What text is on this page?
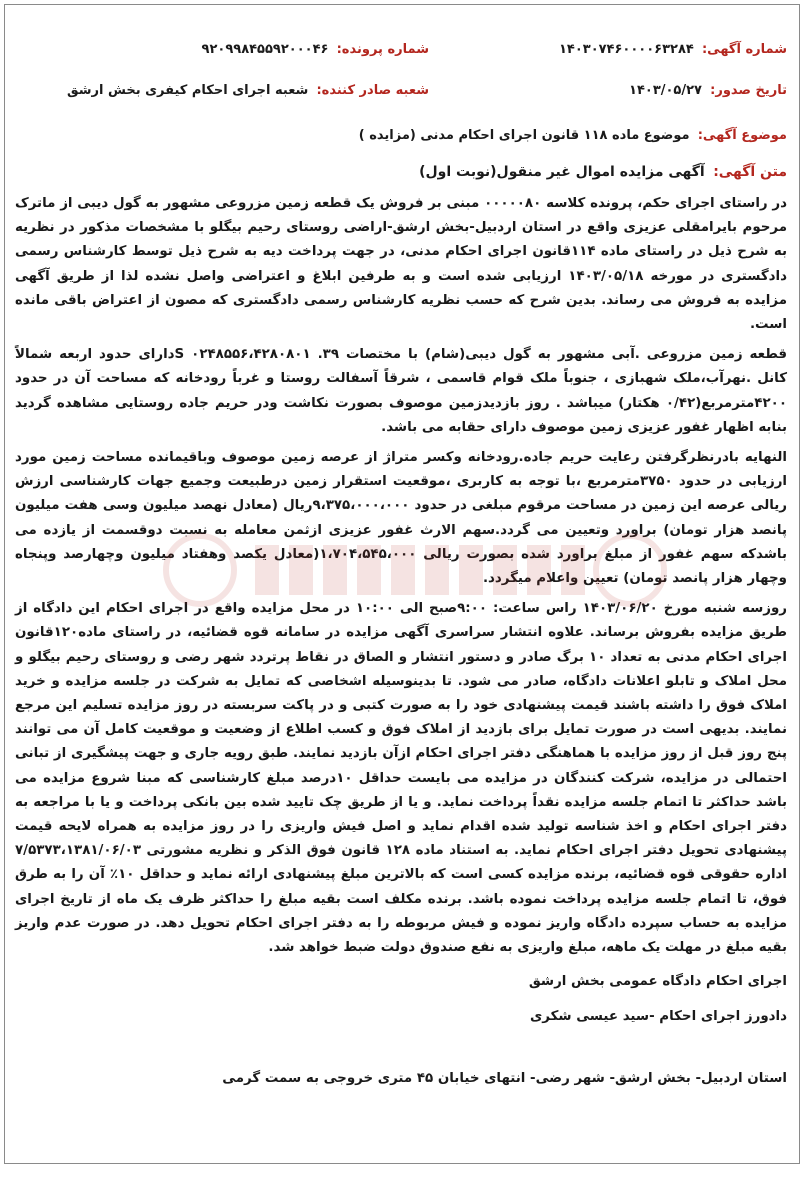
شماره آگهی: ۱۴۰۳۰۷۴۶۰۰۰۰۶۳۲۸۴
شماره پرونده: ۹۲۰۹۹۸۴۵۵۹۲۰۰۰۴۶
تاریخ صدور: ۱۴۰۳/۰۵/۲۷
شعبه صادر کننده: شعبه اجرای احکام کیفری بخش ارشق
موضوع آگهی: موضوع ماده ۱۱۸ قانون اجرای احکام مدنی (مزایده )
متن آگهی: آگهی مزایده اموال غیر منقول(نوبت اول)

در راستای اجرای حکم، پرونده کلاسه ۰۰۰۰۰۸۰ مبنی بر فروش یک قطعه زمین مزروعی مشهور به گول دیبی از ماترک مرحوم بایرامقلی عزیزی واقع در استان اردبیل-بخش ارشق-اراضی روستای رحیم بیگلو با مشخصات مذکور در نظریه به شرح ذیل در راستای ماده ۱۱۴قانون اجرای احکام مدنی، در جهت پرداخت دیه به شرح ذیل توسط کارشناس رسمی دادگستری در مورخه ۱۴۰۳/۰۵/۱۸ ارزیابی شده است و به طرفین ابلاغ و اعتراضی واصل نشده لذا از طریق آگهی مزایده به فروش می رساند. بدین شرح که حسب نظریه کارشناس رسمی دادگستری که مصون از اعتراض باقی مانده است.

قطعه زمین مزروعی .آبی مشهور به گول دیبی(شام) با مختصات ۳۹. ۰۲۴۸۵۵۶،۴۲۸۰۸۰۱ Sدارای حدود اربعه شمالاً کانل .نهرآب،ملک شهبازی ، جنوباً ملک قوام قاسمی ، شرقاً آسفالت روستا و غرباً رودخانه که مساحت آن در حدود ۴۲۰۰مترمربع(۰/۴۲ هکتار) میباشد . روز بازدیدزمین موصوف بصورت نکاشت ودر حریم جاده روستایی مشاهده گردید بنابه اظهار غفور عزیزی زمین موصوف دارای حقابه می باشد.

النهایه بادرنظرگرفتن رعایت حریم جاده.رودخانه وکسر متراژ از عرصه زمین موصوف وباقیمانده مساحت زمین مورد ارزیابی در حدود ۳۷۵۰مترمربع ،با توجه به کاربری ،موقعیت استقرار زمین درطبیعت وجمیع جهات کارشناسی ارزش ریالی عرصه این زمین در مساحت مرقوم مبلغی در حدود ۹،۳۷۵،۰۰۰،۰۰۰ریال (معادل نهصد میلیون وسی هفت میلیون پانصد هزار تومان) براورد وتعیین می گردد.سهم الارث غفور عزیزی ازثمن معامله به نسبت دوقسمت از یازده می باشدکه سهم غفور از مبلغ براورد شده بصورت ریالی ۱،۷۰۴،۵۴۵،۰۰۰(معادل یکصد وهفتاد میلیون وچهارصد وپنجاه وچهار هزار پانصد تومان) تعیین واعلام میگردد.

روزسه شنبه مورخ ۱۴۰۳/۰۶/۲۰ راس ساعت: ۹:۰۰صبح الی ۱۰:۰۰ در محل مزایده واقع در اجرای احکام این دادگاه از طریق مزایده بفروش برساند. علاوه انتشار سراسری آگهی مزایده در سامانه قوه قضائیه، در راستای ماده۱۲۰قانون اجرای احکام مدنی به تعداد ۱۰ برگ صادر و دستور انتشار و الصاق در نقاط پرتردد شهر رضی و روستای رحیم بیگلو و محل املاک و تابلو اعلانات دادگاه، صادر می شود. تا بدینوسیله اشخاصی که تمایل به شرکت در جلسه مزایده و خرید املاک فوق را داشته باشند قیمت پیشنهادی خود را به صورت کتبی و در پاکت سربسته در روز مزایده تسلیم این مرجع نمایند. بدیهی است در صورت تمایل برای بازدید از املاک فوق و کسب اطلاع از وضعیت و موقعیت کامل آن می توانند پنج روز قبل از روز مزایده با هماهنگی دفتر اجرای احکام ازآن بازدید نمایند. طبق رویه جاری و جهت پیشگیری از تبانی احتمالی در مزایده، شرکت کنندگان در مزایده می بایست حداقل ۱۰درصد مبلغ کارشناسی که مبنا شروع مزایده می باشد حداکثر تا اتمام جلسه مزایده نقداً پرداخت نماید. و یا از طریق چک تایید شده بین بانکی پرداخت و یا با مراجعه به دفتر اجرای احکام و اخذ شناسه تولید شده اقدام نماید و اصل فیش واریزی را در روز مزایده به همراه لایحه قیمت پیشنهادی تحویل دفتر اجرای احکام نماید. به استناد ماده ۱۲۸ قانون فوق الذکر و نظریه مشورتی ۷/۵۳۷۳،۱۳۸۱/۰۶/۰۳ اداره حقوقی قوه قضائیه، برنده مزایده کسی است که بالاترین مبلغ پیشنهادی ارائه نماید و حداقل ۱۰٪ آن را به طرق فوق، تا اتمام جلسه مزایده پرداخت نموده باشد. برنده مکلف است بقیه مبلغ را حداکثر ظرف یک ماه از تاریخ اجرای مزایده به حساب سپرده دادگاه واریز نموده و فیش مربوطه را به دفتر اجرای احکام تحویل دهد. در صورت عدم واریز بقیه مبلغ در مهلت یک ماهه، مبلغ واریزی به نفع صندوق دولت ضبط خواهد شد.

اجرای احکام دادگاه عمومی بخش ارشق

دادورز اجرای احکام -سید عیسی شکری

استان اردبیل- بخش ارشق- شهر رضی- انتهای خیابان ۴۵ متری خروجی به سمت گرمی
